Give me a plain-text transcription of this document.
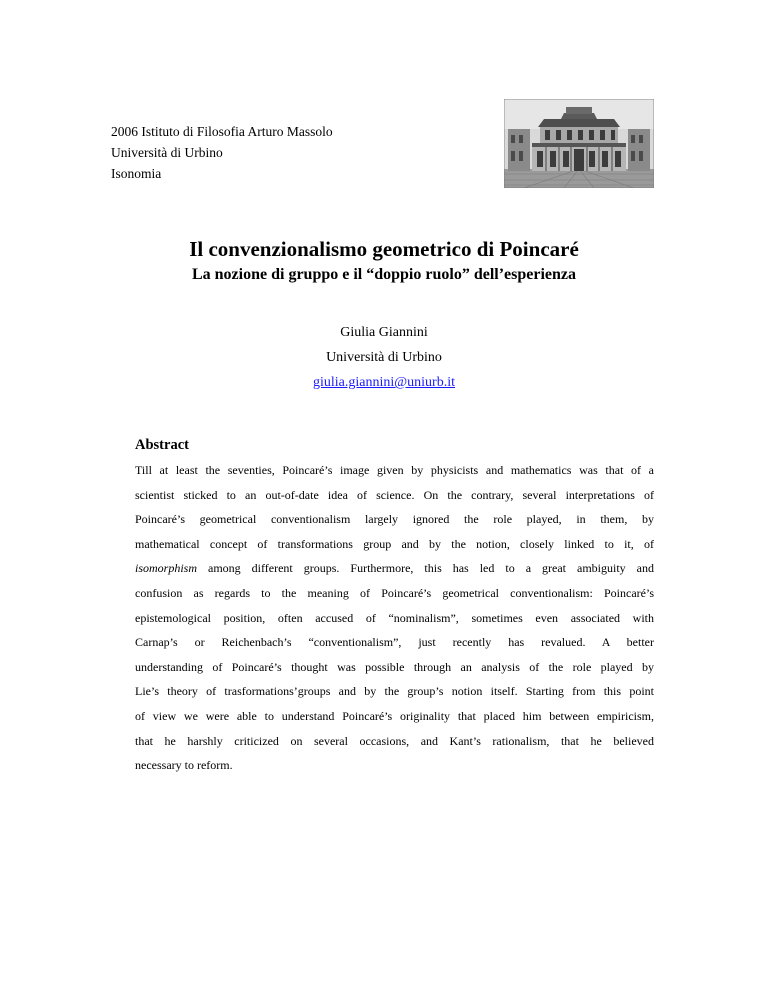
2006 Istituto di Filosofia Arturo Massolo
Università di Urbino
Isonomia
Il convenzionalismo geometrico di Poincaré
La nozione di gruppo e il “doppio ruolo” dell’esperienza
Giulia Giannini
Università di Urbino
giulia.giannini@uniurb.it
Abstract
Till at least the seventies, Poincaré’s image given by physicists and mathematics was that of a
scientist sticked to an out-of-date idea of science. On the contrary, several interpretations of
Poincaré’s geometrical conventionalism largely ignored the role played, in them, by
mathematical concept of transformations group and by the notion, closely linked to it, of
isomorphism among different groups. Furthermore, this has led to a great ambiguity and
confusion as regards to the meaning of Poincaré’s geometrical conventionalism: Poincaré’s
epistemological position, often accused of “nominalism”, sometimes even associated with
Carnap’s or Reichenbach’s “conventionalism”, just recently has revalued. A better
understanding of Poincaré’s thought was possible through an analysis of the role played by
Lie’s theory of trasformations’groups and by the group’s notion itself. Starting from this point
of view we were able to understand Poincaré’s originality that placed him between empiricism,
that he harshly criticized on several occasions, and Kant’s rationalism, that he believed
necessary to reform.
